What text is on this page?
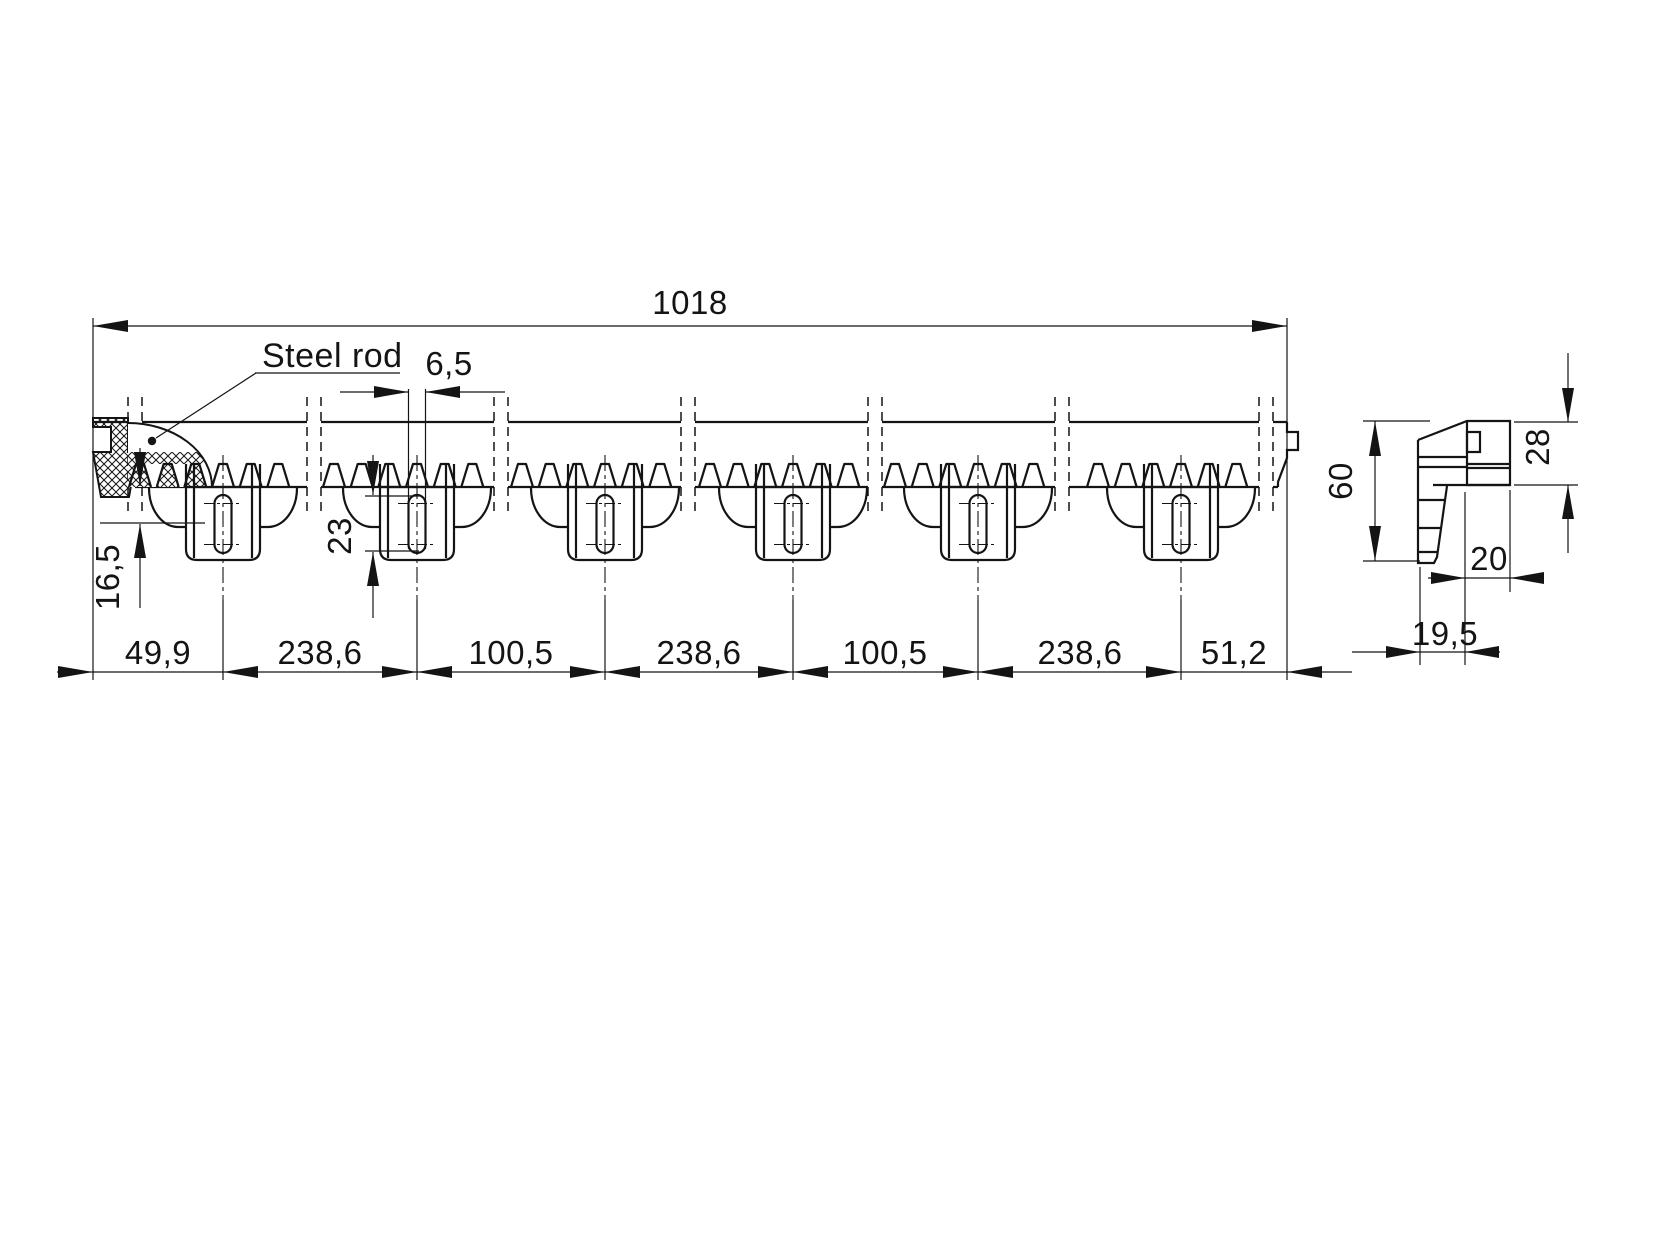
1018
Steel rod 6,5
16,5
23
49,9	238,6	100,5	238,6	100,5	238,6 51,2
60
28
20
19,5
